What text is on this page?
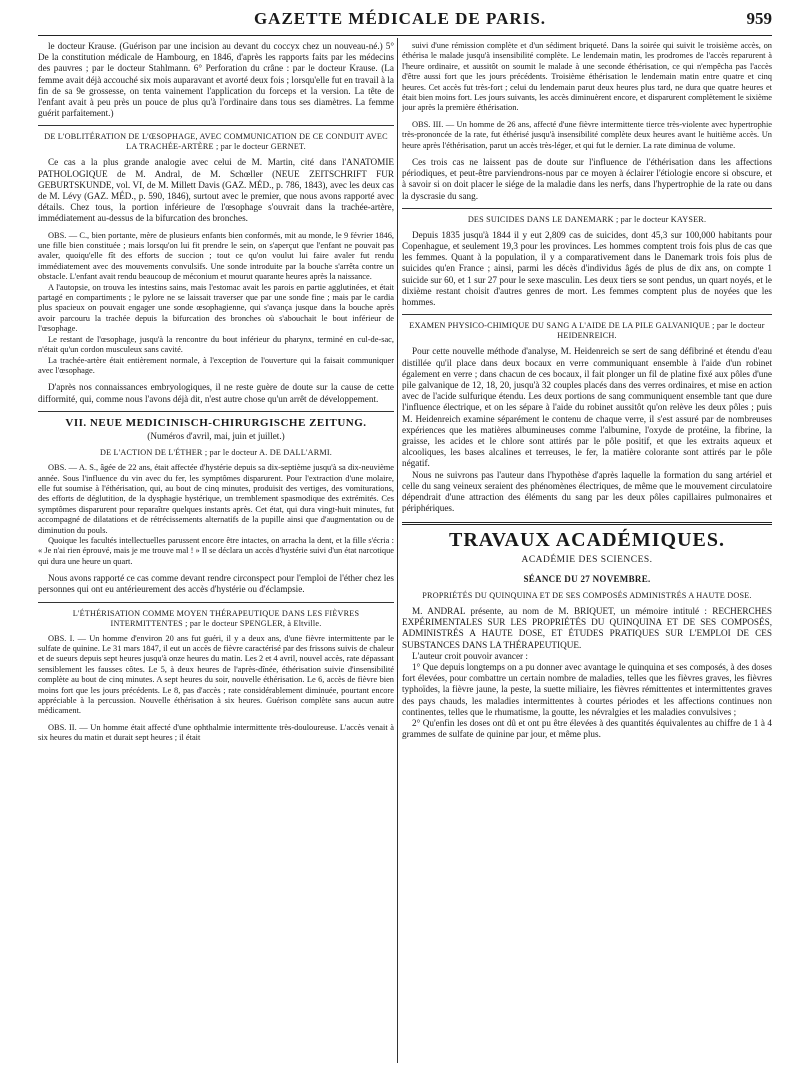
GAZETTE MÉDICALE DE PARIS.	959

le docteur Krause. (Guérison par une incision au devant du coccyx chez un nouveau-né.) 5° De la constitution médicale de Hambourg, en 1846, d'après les rapports faits par les médecins des pauvres ; par le docteur Stahlmann. 6° Perforation du crâne : par le docteur Krause. (La femme avait déjà accouché six mois auparavant et avorté deux fois ; lorsqu'elle fut en travail à la fin de sa 9e grossesse, on tenta vainement l'application du forceps et la version. La tête de l'enfant avait à peu près un pouce de plus qu'à l'ordinaire dans tous ses diamètres. La femme guérit parfaitement.)

DE L'OBLITÉRATION DE L'ŒSOPHAGE, AVEC COMMUNICATION DE CE CONDUIT AVEC LA TRACHÉE-ARTÈRE ; par le docteur GERNET.

Ce cas a la plus grande analogie avec celui de M. Martin, cité dans l'ANATOMIE PATHOLOGIQUE de M. Andral, de M. Schœller (NEUE ZEITSCHRIFT FUR GEBURTSKUNDE, vol. VI, de M. Millett Davis (GAZ. MÉD., p. 786, 1843), avec les deux cas de M. Lévy (GAZ. MÉD., p. 590, 1846), surtout avec le premier, que nous avons rapporté avec détails. Chez tous, la portion inférieure de l'œsophage s'ouvrait dans la trachée-artère, immédiatement au-dessus de la bifurcation des bronches.

OBS. — C., bien portante, mère de plusieurs enfants bien conformés, mit au monde, le 9 février 1846, une fille bien constituée ; mais lorsqu'on lui fit prendre le sein, on s'aperçut que l'enfant ne pouvait pas avaler, quoiqu'elle fît des efforts de succion ; tout ce qu'on voulut lui faire avaler fut rendu immédiatement avec des mouvements convulsifs. Une sonde introduite par la bouche s'arrêta contre un obstacle. L'enfant avait rendu beaucoup de méconium et mourut quarante heures après la naissance.

A l'autopsie, on trouva les intestins sains, mais l'estomac avait les parois en partie agglutinées, et était partagé en compartiments ; le pylore ne se laissait traverser que par une sonde fine ; mais par le cardia plus spacieux on pouvait engager une sonde œsophagienne, qui s'avança jusque dans la bouche après avoir parcouru la trachée depuis la bifurcation des bronches où s'abouchait le bout inférieur de l'œsophage.

Le restant de l'œsophage, jusqu'à la rencontre du bout inférieur du pharynx, terminé en cul-de-sac, n'était qu'un cordon musculeux sans cavité.

La trachée-artère était entièrement normale, à l'exception de l'ouverture qui la faisait communiquer avec l'œsophage.

D'après nos connaissances embryologiques, il ne reste guère de doute sur la cause de cette difformité, qui, comme nous l'avons déjà dit, n'est autre chose qu'un arrêt de développement.

VII. NEUE MEDICINISCH-CHIRURGISCHE ZEITUNG.
(Numéros d'avril, mai, juin et juillet.)
DE L'ACTION DE L'ÉTHER ; par le docteur A. DE DALL'ARMI.

OBS. — A. S., âgée de 22 ans, était affectée d'hystérie depuis sa dix-septième jusqu'à sa dix-neuvième année. Sous l'influence du vin avec du fer, les symptômes disparurent. Pour l'extraction d'une molaire, elle fut soumise à l'éthérisation, qui, au bout de cinq minutes, produisit des vertiges, des vomiturations, des efforts de déglutition, de la dysphagie hystérique, un tremblement spasmodique des extrémités. Ces symptômes disparurent pour reparaître quelques instants après. Cet état, qui dura vingt-huit minutes, fut accompagné de dilatations et de rétrécissements alternatifs de la pupille ainsi que d'augmentation ou de diminution du pouls.

Quoique les facultés intellectuelles parussent encore être intactes, on arracha la dent, et la fille s'écria : « Je n'ai rien éprouvé, mais je me trouve mal ! » Il se déclara un accès d'hystérie suivi d'un état narcotique qui dura une heure un quart.

Nous avons rapporté ce cas comme devant rendre circonspect pour l'emploi de l'éther chez les personnes qui ont eu antérieurement des accès d'hystérie ou d'éclampsie.

L'ÉTHÉRISATION COMME MOYEN THÉRAPEUTIQUE DANS LES FIÈVRES INTERMITTENTES ; par le docteur SPENGLER, à Eltville.

OBS. I. — Un homme d'environ 20 ans fut guéri, il y a deux ans, d'une fièvre intermittente par le sulfate de quinine. Le 31 mars 1847, il eut un accès de fièvre caractérisé par des frissons suivis de chaleur et de sueurs depuis sept heures jusqu'à onze heures du matin. Les 2 et 4 avril, nouvel accès, rate dépassant sensiblement les fausses côtes. Le 5, à deux heures de l'après-dînée, éthérisation suivie d'insensibilité complète au bout de cinq minutes. A sept heures du soir, nouvelle éthérisation. Le 6, accès de fièvre bien moins fort que les jours précédents. Le 8, pas d'accès ; rate considérablement diminuée, pourtant encore appréciable à la percussion. Nouvelle éthérisation à six heures. Guérison complète sans aucun autre médicament.

OBS. II. — Un homme était affecté d'une ophthalmie intermittente très-douloureuse. L'accès venait à six heures du matin et durait sept heures ; il était

suivi d'une rémission complète et d'un sédiment briqueté. Dans la soirée qui suivit le troisième accès, on éthérisa le malade jusqu'à insensibilité complète. Le lendemain matin, les prodromes de l'accès reparurent à l'heure ordinaire, et aussitôt on soumit le malade à une seconde éthérisation, ce qui n'empêcha pas l'accès d'être aussi fort que les jours précédents. Troisième éthérisation le lendemain matin entre quatre et cinq heures. Cet accès fut très-fort ; celui du lendemain parut deux heures plus tard, ne dura que quatre heures et était bien moins fort. Les jours suivants, les accès diminuèrent encore, et disparurent complètement le sixième jour après la première éthérisation.

OBS. III. — Un homme de 26 ans, affecté d'une fièvre intermittente tierce très-violente avec hypertrophie très-prononcée de la rate, fut éthérisé jusqu'à insensibilité complète deux heures avant le huitième accès. Un heure après l'éthérisation, parut un accès très-léger, et qui fut le dernier. La rate diminua de volume.

Ces trois cas ne laissent pas de doute sur l'influence de l'éthérisation dans les affections périodiques, et peut-être parviendrons-nous par ce moyen à éclairer l'étiologie encore si obscure, et à savoir si on doit placer le siége de la maladie dans les nerfs, dans l'hypertrophie de la rate ou dans la dyscrasie du sang.

DES SUICIDES DANS LE DANEMARK ; par le docteur KAYSER.

Depuis 1835 jusqu'à 1844 il y eut 2,809 cas de suicides, dont 45,3 sur 100,000 habitants pour Copenhague, et seulement 19,3 pour les provinces. Les hommes comptent trois fois plus de cas que les femmes. Quant à la population, il y a comparativement dans le Danemark trois fois plus de suicides qu'en France ; ainsi, parmi les décès d'individus âgés de plus de dix ans, on compte 1 suicide sur 60, et 1 sur 27 pour le sexe masculin. Les deux tiers se sont pendus, un quart noyés, et le dixième restant choisit d'autres genres de mort. Les femmes comptent plus de noyées que les hommes.

EXAMEN PHYSICO-CHIMIQUE DU SANG A L'AIDE DE LA PILE GALVANIQUE ; par le docteur HEIDENREICH.

Pour cette nouvelle méthode d'analyse, M. Heidenreich se sert de sang défibriné et étendu d'eau distillée qu'il place dans deux bocaux en verre communiquant ensemble à l'aide d'un robinet également en verre ; dans chacun de ces bocaux, il fait plonger un fil de platine fixé aux pôles d'une pile galvanique de 12, 18, 20, jusqu'à 32 couples placés dans des verres ordinaires, et mise en action avec de l'acide sulfurique étendu. Les deux portions de sang communiquent ensemble tant que dure l'influence électrique, et on les sépare à l'aide du robinet aussitôt qu'on relève les deux pôles ; puis M. Heidenreich examine séparément le contenu de chaque verre, il s'est assuré par de nombreuses expériences que les matières albumineuses comme l'albumine, l'oxyde de protéine, la fibrine, la graisse, les acides et le chlore sont attirés par le pôle positif, et que les extraits aqueux et alcooliques, les bases alcalines et terreuses, le fer, la matière colorante sont attirés par le pôle négatif.

Nous ne suivrons pas l'auteur dans l'hypothèse d'après laquelle la formation du sang artériel et celle du sang veineux seraient des phénomènes électriques, de même que le mouvement circulatoire dépendrait d'une attraction des éléments du sang par les deux pôles capillaires pulmonaires et périphériques.

TRAVAUX ACADÉMIQUES.
ACADÉMIE DES SCIENCES.
SÉANCE DU 27 NOVEMBRE.
PROPRIÉTÉS DU QUINQUINA ET DE SES COMPOSÉS ADMINISTRÉS A HAUTE DOSE.

M. ANDRAL présente, au nom de M. BRIQUET, un mémoire intitulé : RECHERCHES EXPÉRIMENTALES SUR LES PROPRIÉTÉS DU QUINQUINA ET DE SES COMPOSÉS, ADMINISTRÉS A HAUTE DOSE, ET ÉTUDES PRATIQUES SUR L'EMPLOI DE CES SUBSTANCES DANS LA THÉRAPEUTIQUE.

L'auteur croit pouvoir avancer :

1° Que depuis longtemps on a pu donner avec avantage le quinquina et ses composés, à des doses fort élevées, pour combattre un certain nombre de maladies, telles que les fièvres graves, les fièvres typhoïdes, la fièvre jaune, la peste, la suette miliaire, les fièvres rémittentes et intermittentes graves des pays chauds, les maladies intermittentes à courtes périodes et les affections continues non continentes, telles que le rhumatisme, la goutte, les névralgies et les maladies convulsives ;

2° Qu'enfin les doses ont dû et ont pu être élevées à des quantités équivalentes au chiffre de 1 à 4 grammes de sulfate de quinine par jour, et même plus.
